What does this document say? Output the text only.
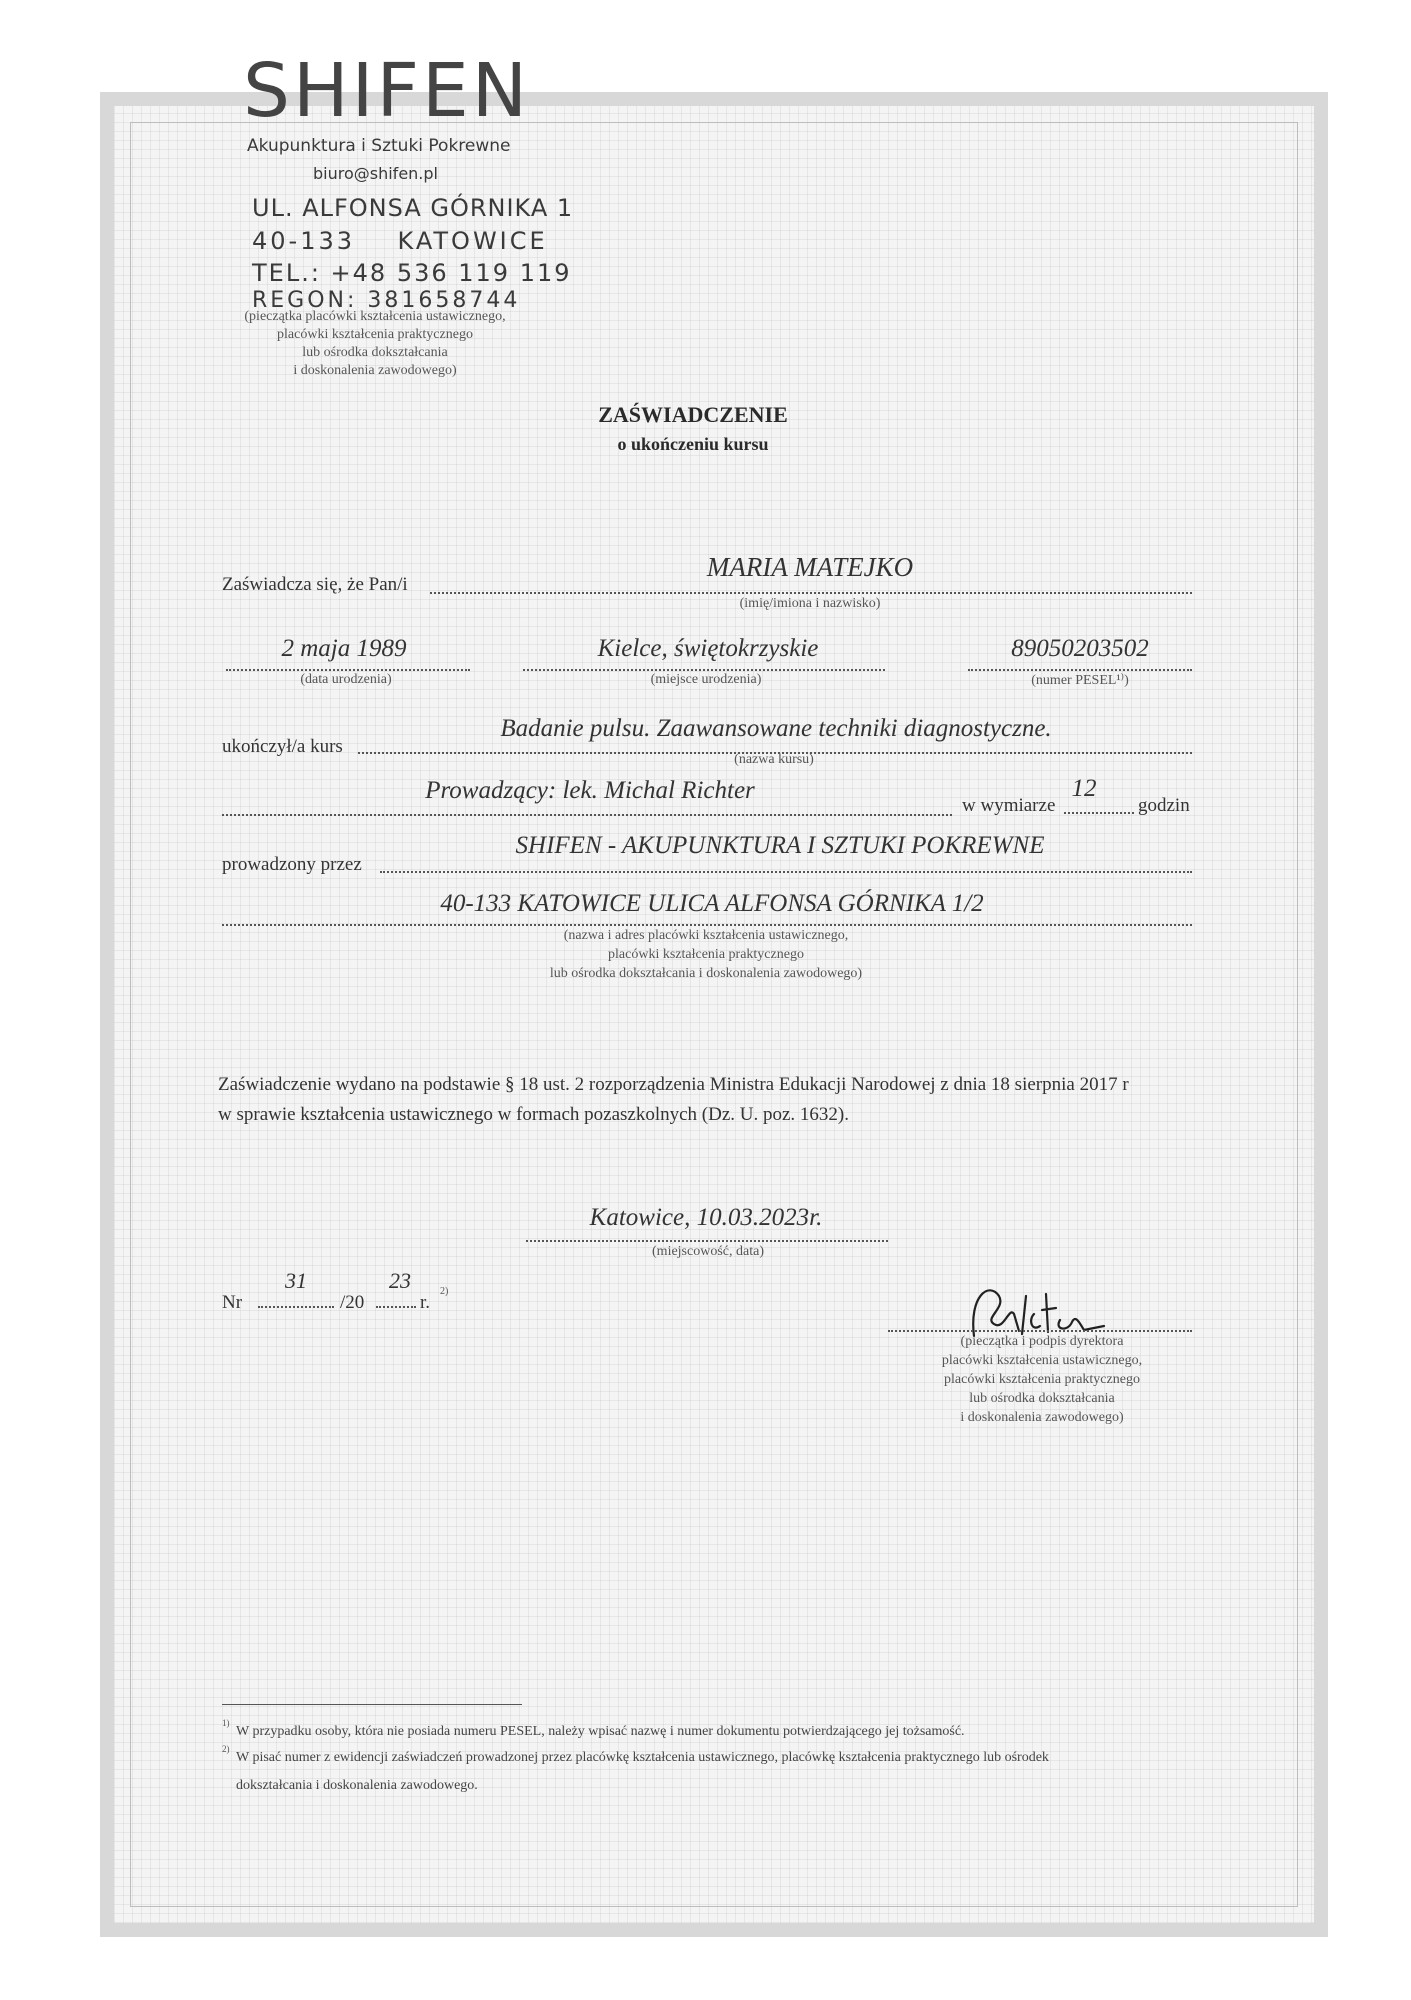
SHIFEN
Akupunktura i Sztuki Pokrewne
biuro@shifen.pl
UL. ALFONSA GÓRNIKA 1
40-133    KATOWICE
TEL.: +48 536 119 119
REGON: 381658744
(pieczątka placówki kształcenia ustawicznego,
placówki kształcenia praktycznego
lub ośrodka dokształcania
i doskonalenia zawodowego)
ZAŚWIADCZENIE
o ukończeniu kursu
Zaświadcza się, że Pan/i
MARIA MATEJKO
(imię/imiona i nazwisko)
2 maja 1989
(data urodzenia)
Kielce, świętokrzyskie
(miejsce urodzenia)
89050203502
(numer PESEL¹⁾)
ukończył/a kurs
Badanie pulsu. Zaawansowane techniki diagnostyczne.
(nazwa kursu)
Prowadzący: lek. Michal Richter
w wymiarze
12
godzin
prowadzony przez
SHIFEN - AKUPUNKTURA I SZTUKI POKREWNE
40-133 KATOWICE ULICA ALFONSA GÓRNIKA 1/2
(nazwa i adres placówki kształcenia ustawicznego,
placówki kształcenia praktycznego
lub ośrodka dokształcania i doskonalenia zawodowego)
Zaświadczenie wydano na podstawie § 18 ust. 2 rozporządzenia Ministra Edukacji Narodowej z dnia 18 sierpnia 2017 r
w sprawie kształcenia ustawicznego w formach pozaszkolnych (Dz. U. poz. 1632).
Katowice, 10.03.2023r.
(miejscowość, data)
Nr
31
/20
23
r.
2)
(pieczątka i podpis dyrektora
placówki kształcenia ustawicznego,
placówki kształcenia praktycznego
lub ośrodka dokształcania
i doskonalenia zawodowego)
1)
W przypadku osoby, która nie posiada numeru PESEL, należy wpisać nazwę i numer dokumentu potwierdzającego jej tożsamość.
2)
W pisać numer z ewidencji zaświadczeń prowadzonej przez placówkę kształcenia ustawicznego, placówkę kształcenia praktycznego lub ośrodek
dokształcania i doskonalenia zawodowego.
